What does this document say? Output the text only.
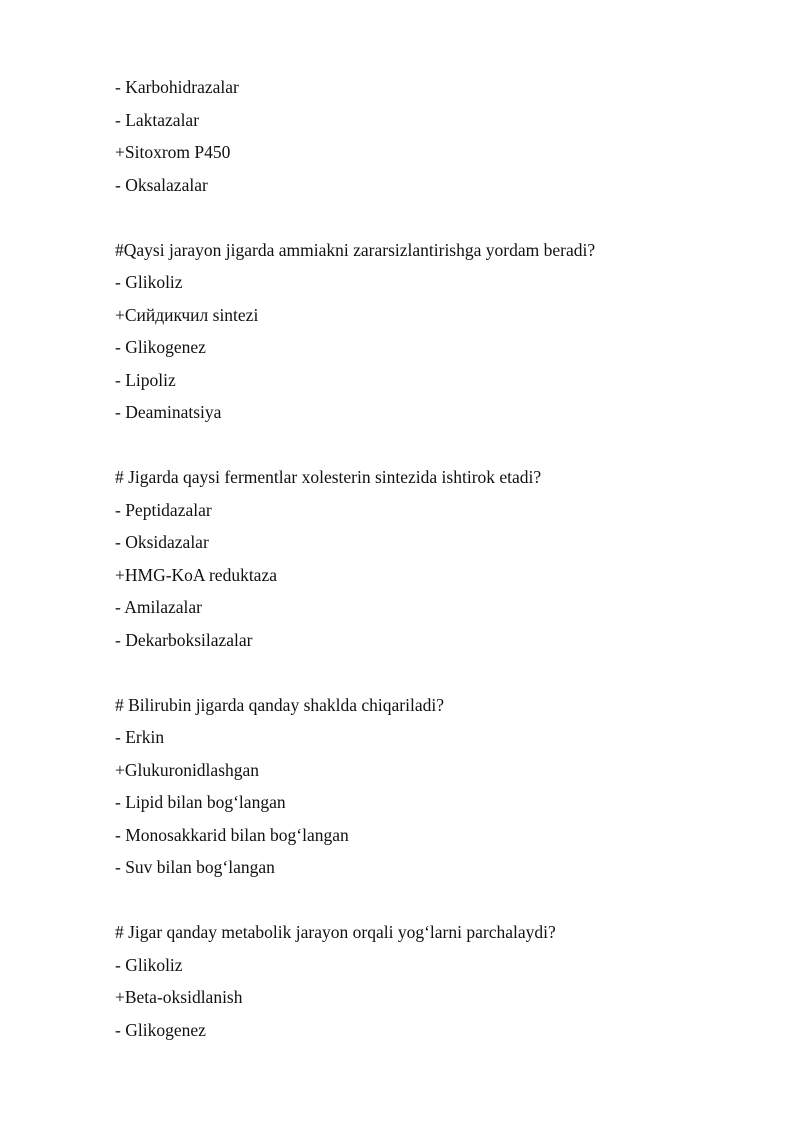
- Karbohidrazalar
- Laktazalar
+Sitoxrom P450
- Oksalazalar
#Qaysi jarayon jigarda ammiakni zararsizlantirishga yordam beradi?
- Glikoliz
+Сийдикчил sintezi
- Glikogenez
- Lipoliz
- Deaminatsiya
# Jigarda qaysi fermentlar xolesterin sintezida ishtirok etadi?
- Peptidazalar
- Oksidazalar
+HMG-KoA reduktaza
- Amilazalar
- Dekarboksilazalar
# Bilirubin jigarda qanday shaklda chiqariladi?
- Erkin
+Glukuronidlashgan
- Lipid bilan bog‘langan
- Monosakkarid bilan bog‘langan
- Suv bilan bog‘langan
# Jigar qanday metabolik jarayon orqali yog‘larni parchalaydi?
- Glikoliz
+Beta-oksidlanish
- Glikogenez
